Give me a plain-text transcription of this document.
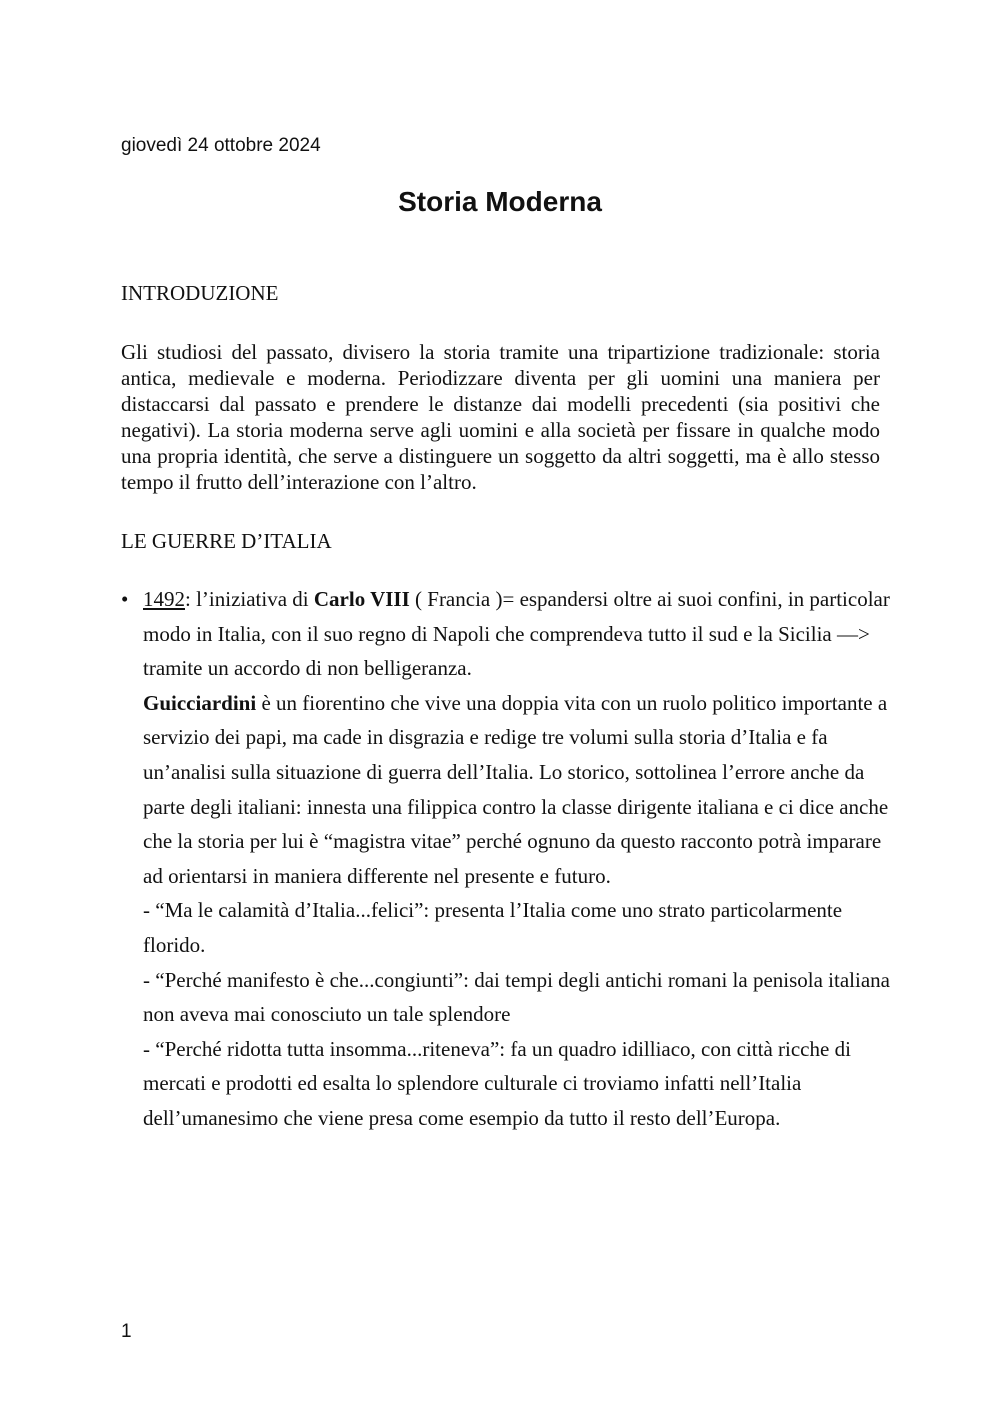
giovedì 24 ottobre 2024
Storia Moderna
INTRODUZIONE

Gli studiosi del passato, divisero la storia tramite una tripartizione tradizionale: storia antica, medievale e moderna. Periodizzare diventa per gli uomini una maniera per distaccarsi dal passato e prendere le distanze dai modelli precedenti (sia positivi che negativi). La storia moderna serve agli uomini e alla società per fissare in qualche modo una propria identità, che serve a distinguere un soggetto da altri soggetti, ma è allo stesso tempo il frutto dell’interazione con l’altro.

LE GUERRE D’ITALIA
• 1492: l’iniziativa di Carlo VIII ( Francia )= espandersi oltre ai suoi confini, in particolar modo in Italia, con il suo regno di Napoli che comprendeva tutto il sud e la Sicilia —> tramite un accordo di non belligeranza.

Guicciardini è un fiorentino che vive una doppia vita con un ruolo politico importante a servizio dei papi, ma cade in disgrazia e redige tre volumi sulla storia d’Italia e fa un’analisi sulla situazione di guerra dell’Italia. Lo storico, sottolinea l’errore anche da parte degli italiani: innesta una filippica contro la classe dirigente italiana e ci dice anche che la storia per lui è “magistra vitae” perché ognuno da questo racconto potrà imparare ad orientarsi in maniera differente nel presente e futuro.

- “Ma le calamità d’Italia...felici”: presenta l’Italia come uno strato particolarmente florido.

- “Perché manifesto è che...congiunti”: dai tempi degli antichi romani la penisola italiana non aveva mai conosciuto un tale splendore

- “Perché ridotta tutta insomma...riteneva”: fa un quadro idilliaco, con città ricche di mercati e prodotti ed esalta lo splendore culturale ci troviamo infatti nell’Italia dell’umanesimo che viene presa come esempio da tutto il resto dell’Europa.

1
